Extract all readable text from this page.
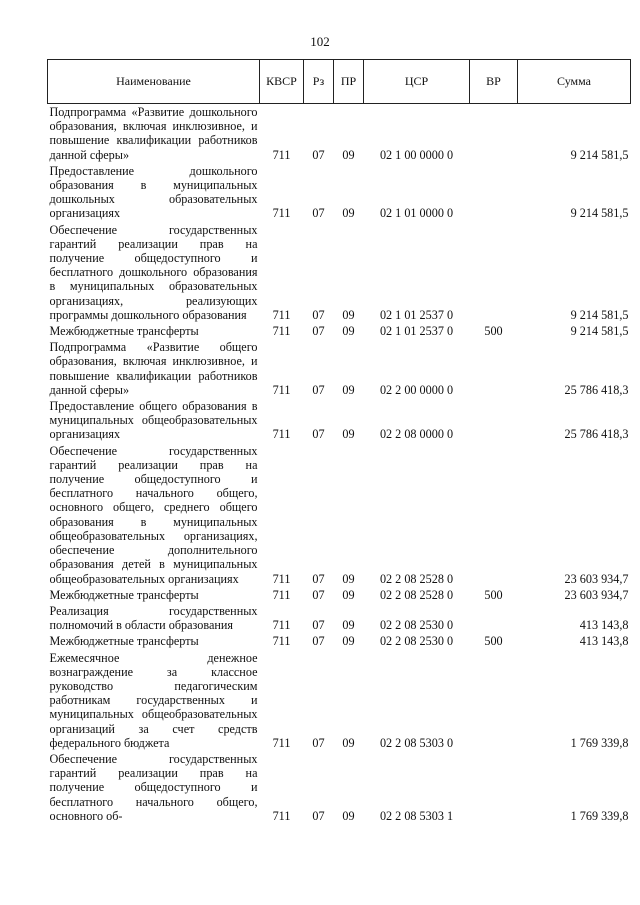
102
Наименование	КВСР	Рз	ПР	ЦСР	ВР	Сумма
Подпрограмма «Развитие дошкольного образования, включая инклюзивное, и повышение квалификации работников данной сферы»	711	07	09	02 1 00 0000 0		9 214 581,5
Предоставление дошкольного образования в муниципальных дошкольных образовательных организациях	711	07	09	02 1 01 0000 0		9 214 581,5
Обеспечение государственных гарантий реализации прав на получение общедоступного и бесплатного дошкольного образования в муниципальных образовательных организациях, реализующих программы дошкольного образования	711	07	09	02 1 01 2537 0		9 214 581,5
Межбюджетные трансферты	711	07	09	02 1 01 2537 0	500	9 214 581,5
Подпрограмма «Развитие общего образования, включая инклюзивное, и повышение квалификации работников данной сферы»	711	07	09	02 2 00 0000 0		25 786 418,3
Предоставление общего образования в муниципальных общеобразовательных организациях	711	07	09	02 2 08 0000 0		25 786 418,3
Обеспечение государственных гарантий реализации прав на получение общедоступного и бесплатного начального общего, основного общего, среднего общего образования в муниципальных общеобразовательных организациях, обеспечение дополнительного образования детей в муниципальных общеобразовательных организациях	711	07	09	02 2 08 2528 0		23 603 934,7
Межбюджетные трансферты	711	07	09	02 2 08 2528 0	500	23 603 934,7
Реализация государственных полномочий в области образования	711	07	09	02 2 08 2530 0		413 143,8
Межбюджетные трансферты	711	07	09	02 2 08 2530 0	500	413 143,8
Ежемесячное денежное вознаграждение за классное руководство педагогическим работникам государственных и муниципальных общеобразовательных организаций за счет средств федерального бюджета	711	07	09	02 2 08 5303 0		1 769 339,8
Обеспечение государственных гарантий реализации прав на получение общедоступного и бесплатного начального общего, основного об-	711	07	09	02 2 08 5303 1		1 769 339,8
